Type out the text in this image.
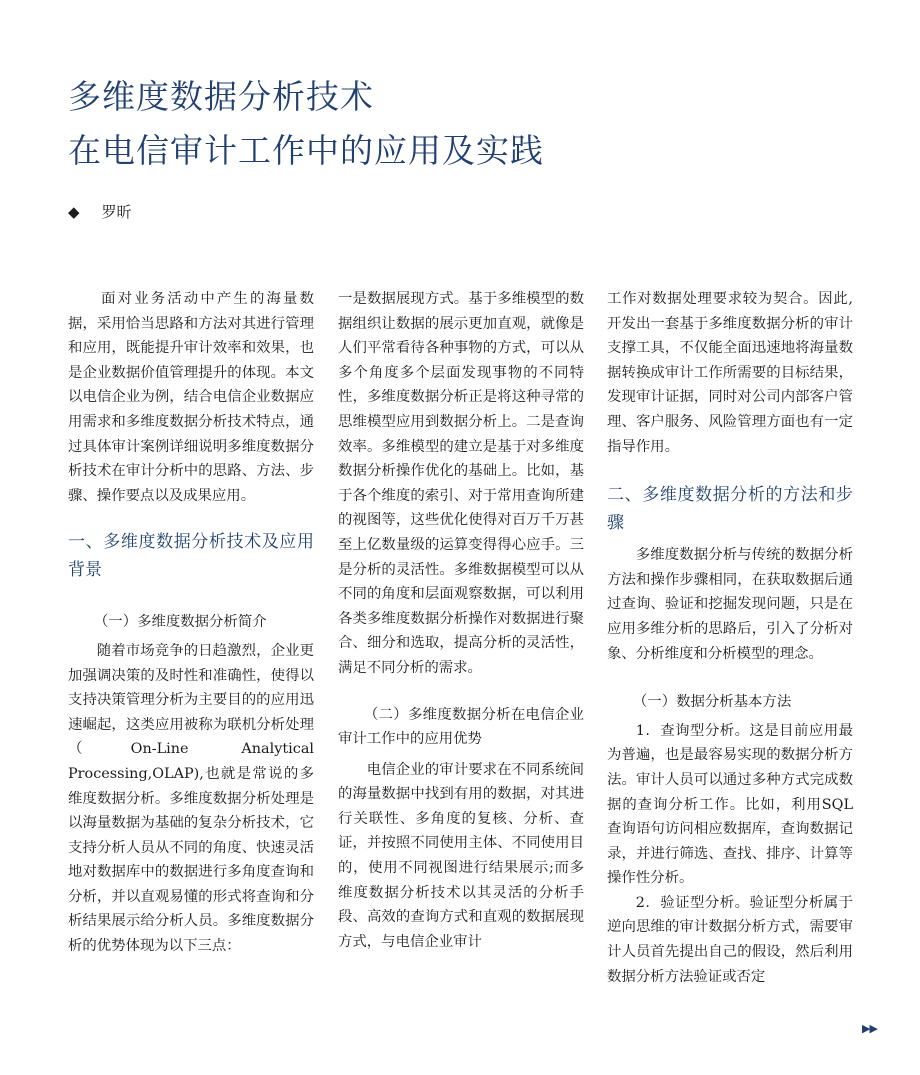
多维度数据分析技术
在电信审计工作中的应用及实践
◆ 罗昕

面对业务活动中产生的海量数据，采用恰当思路和方法对其进行管理和应用，既能提升审计效率和效果，也是企业数据价值管理提升的体现。本文以电信企业为例，结合电信企业数据应用需求和多维度数据分析技术特点，通过具体审计案例详细说明多维度数据分析技术在审计分析中的思路、方法、步骤、操作要点以及成果应用。

一、多维度数据分析技术及应用背景

（一）多维度数据分析简介

随着市场竞争的日趋激烈，企业更加强调决策的及时性和准确性，使得以支持决策管理分析为主要目的的应用迅速崛起，这类应用被称为联机分析处理（On-Line Analytical Processing,OLAP),也就是常说的多维度数据分析。多维度数据分析处理是以海量数据为基础的复杂分析技术，它支持分析人员从不同的角度、快速灵活地对数据库中的数据进行多角度查询和分析，并以直观易懂的形式将查询和分析结果展示给分析人员。多维度数据分析的优势体现为以下三点：

一是数据展现方式。基于多维模型的数据组织让数据的展示更加直观，就像是人们平常看待各种事物的方式，可以从多个角度多个层面发现事物的不同特性，多维度数据分析正是将这种寻常的思维模型应用到数据分析上。二是查询效率。多维模型的建立是基于对多维度数据分析操作优化的基础上。比如，基于各个维度的索引、对于常用查询所建的视图等，这些优化使得对百万千万甚至上亿数量级的运算变得得心应手。三是分析的灵活性。多维数据模型可以从不同的角度和层面观察数据，可以利用各类多维度数据分析操作对数据进行聚合、细分和选取，提高分析的灵活性，满足不同分析的需求。

（二）多维度数据分析在电信企业审计工作中的应用优势

电信企业的审计要求在不同系统间的海量数据中找到有用的数据，对其进行关联性、多角度的复核、分析、查证，并按照不同使用主体、不同使用目的，使用不同视图进行结果展示;而多维度数据分析技术以其灵活的分析手段、高效的查询方式和直观的数据展现方式，与电信企业审计

工作对数据处理要求较为契合。因此,开发出一套基于多维度数据分析的审计支撑工具，不仅能全面迅速地将海量数据转换成审计工作所需要的目标结果，发现审计证据，同时对公司内部客户管理、客户服务、风险管理方面也有一定指导作用。

二、多维度数据分析的方法和步骤

多维度数据分析与传统的数据分析方法和操作步骤相同，在获取数据后通过查询、验证和挖掘发现问题，只是在应用多维分析的思路后，引入了分析对象、分析维度和分析模型的理念。

（一）数据分析基本方法

1．查询型分析。这是目前应用最为普遍，也是最容易实现的数据分析方法。审计人员可以通过多种方式完成数据的查询分析工作。比如，利用SQL查询语句访问相应数据库，查询数据记录，并进行筛选、查找、排序、计算等操作性分析。

2．验证型分析。验证型分析属于逆向思维的审计数据分析方式，需要审计人员首先提出自己的假设，然后利用数据分析方法验证或否定

▶▶
